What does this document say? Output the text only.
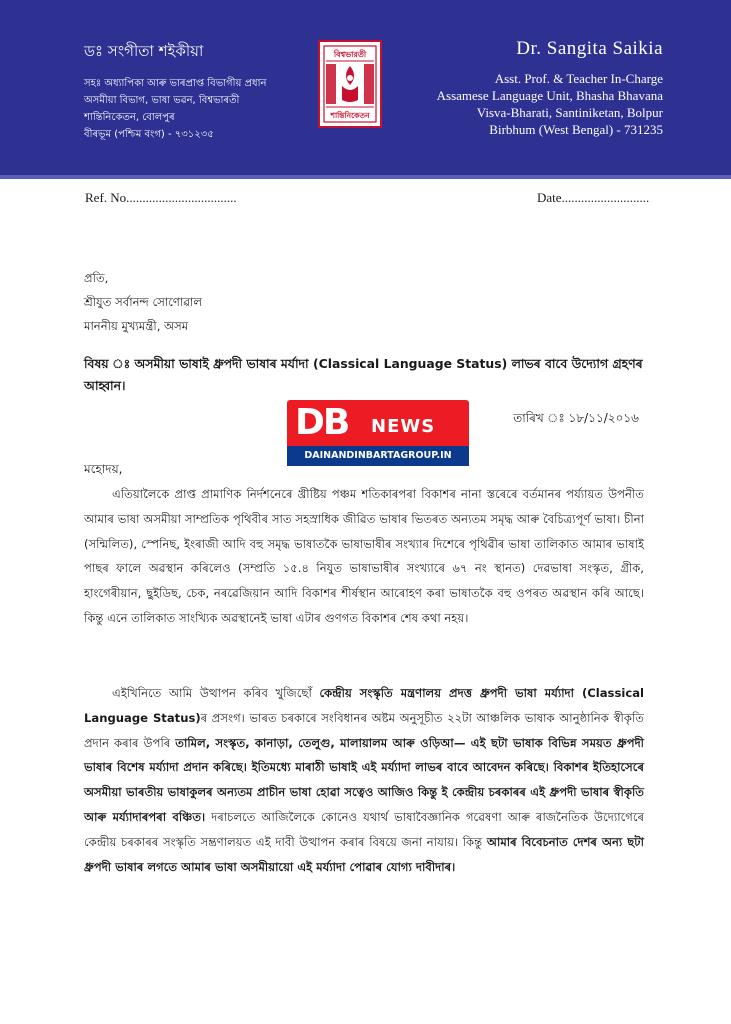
ডঃ সংগীতা শইকীয়া
সহঃ অধ্যাপিকা আৰু ভাৰপ্ৰাপ্ত বিভাগীয় প্ৰধান
অসমীয়া বিভাগ, ভাষা ভৱন, বিশ্বভাৰতী
শান্তিনিকেতন, বোলপুৰ
বীৰভূম (পশ্চিম বংগ) - ৭৩১২৩৫
বিশ্বভারতী
শান্তিনিকেতন
Dr. Sangita Saikia
Asst. Prof. & Teacher In-Charge
Assamese Language Unit, Bhasha Bhavana
Visva-Bharati, Santiniketan, Bolpur
Birbhum (West Bengal) - 731235
Ref. No..................................	Date...........................
প্ৰতি,
শ্ৰীযুত সৰ্বানন্দ সোণোৱাল
মাননীয় মুখ্যমন্ত্ৰী, অসম
বিষয় ঃ অসমীয়া ভাষাই ধ্ৰুপদী ভাষাৰ মৰ্যাদা (Classical Language Status) লাভৰ বাবে উদ্যোগ গ্ৰহণৰ আহ্বান।
DB NEWS
DAINANDINBARTAGROUP.IN
তাৰিখ ঃ ১৮/১১/২০১৬
মহোদয়,
এতিয়ালৈকে প্ৰাপ্ত প্ৰামাণিক নিৰ্দশনেৰে খ্ৰীষ্টিয় পঞ্চম শতিকাৰপৰা বিকাশৰ নানা স্তৰেৰে বৰ্তমানৰ পৰ্য্যায়ত উপনীত আমাৰ ভাষা অসমীয়া সাম্প্ৰতিক পৃথিবীৰ সাত সহস্ৰাধিক জীৱিত ভাষাৰ ভিতৰত অন্যতম সমৃদ্ধ আৰু বৈচিত্ৰ্যপূৰ্ণ ভাষা। চীনা (সন্মিলিত), স্পেনিছ, ইংৰাজী আদি বহু সমৃদ্ধ ভাষাতকৈ ভাষাভাষীৰ সংখ্যাৰ দিশেৰে পৃথিৱীৰ ভাষা তালিকাত আমাৰ ভাষাই পাছৰ ফালে অৱস্থান কৰিলেও (সম্প্ৰতি ১৫.৪ নিযুত ভাষাভাষীৰ সংখ্যাৰে ৬৭ নং স্থানত) দেৱভাষা সংস্কৃত, গ্ৰীক, হাংগেৰীয়ান, ছুইডিছ, চেক, নৰৱেজিয়ান আদি বিকাশৰ শীৰ্ষস্থান আৰোহণ কৰা ভাষাতকৈ বহু ওপৰত অৱস্থান কৰি আছে। কিন্তু এনে তালিকাত সাংখ্যিক অৱস্থানেই ভাষা এটাৰ গুণগত বিকাশৰ শেষ কথা নহয়।
এইখিনিতে আমি উত্থাপন কৰিব খুজিছোঁ কেন্দ্ৰীয় সংস্কৃতি মন্ত্ৰণালয় প্ৰদত্ত ধ্ৰুপদী ভাষা মৰ্য্যাদা (Classical Language Status)ৰ প্ৰসংগ। ভাৰত চৰকাৰে সংবিধানৰ অষ্টম অনুসূচীত ২২টা আঞ্চলিক ভাষাক আনুষ্ঠানিক স্বীকৃতি প্ৰদান কৰাৰ উপৰি তামিল, সংস্কৃত, কানাড়া, তেলুগু, মালায়ালম আৰু ওড়িআ— এই ছটা ভাষাক বিভিন্ন সময়ত ধ্ৰুপদী ভাষাৰ বিশেষ মৰ্য্যাদা প্ৰদান কৰিছে। ইতিমধ্যে মাৰাঠী ভাষাই এই মৰ্য্যাদা লাভৰ বাবে আবেদন কৰিছে। বিকাশৰ ইতিহাসেৰে অসমীয়া ভাৰতীয় ভাষাকুলৰ অন্যতম প্ৰাচীন ভাষা হোৱা সত্বেও আজিও কিন্তু ই কেন্দ্ৰীয় চৰকাৰৰ এই ধ্ৰুপদী ভাষাৰ স্বীকৃতি আৰু মৰ্য্যাদাৰপৰা বঞ্চিত। দৰাচলতে আজিলৈকে কোনেও যথাৰ্থ ভাষাবৈজ্ঞানিক গৱেষণা আৰু ৰাজনৈতিক উদ্যোগেৰে কেন্দ্ৰীয় চৰকাৰৰ সংস্কৃতি সম্ভ্ৰণালয়ত এই দাবী উত্থাপন কৰাৰ বিষয়ে জনা নাযায়। কিন্তু আমাৰ বিবেচনাত দেশৰ অন্য ছটা ধ্ৰুপদী ভাষাৰ লগতে আমাৰ ভাষা অসমীয়ায়ো এই মৰ্য্যাদা পোৱাৰ যোগ্য দাবীদাৰ।
